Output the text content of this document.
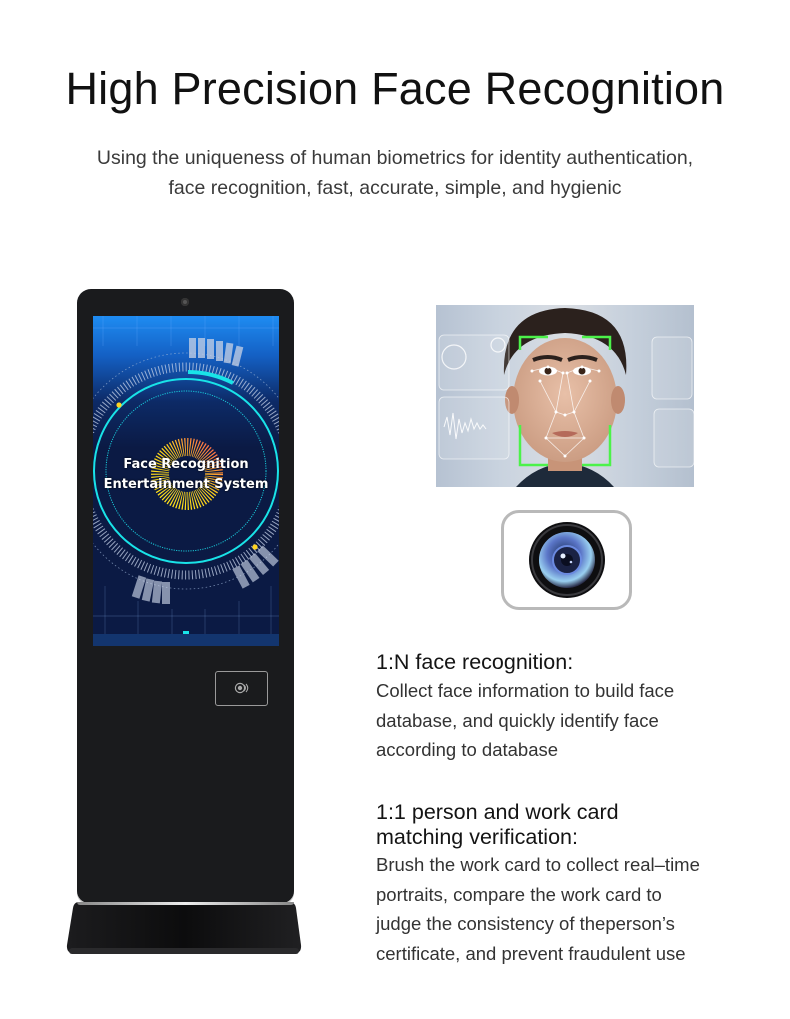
High Precision Face Recognition
Using the uniqueness of human biometrics for identity authentication,
face recognition, fast, accurate, simple, and hygienic
Face Recognition
Entertainment System
1:N face recognition:
Collect face information to build face
database, and quickly identify face
according to database
1:1 person and work card
matching verification:
Brush the work card to collect real–time
portraits, compare the work card to
judge the consistency of theperson’s
certificate, and prevent fraudulent use
